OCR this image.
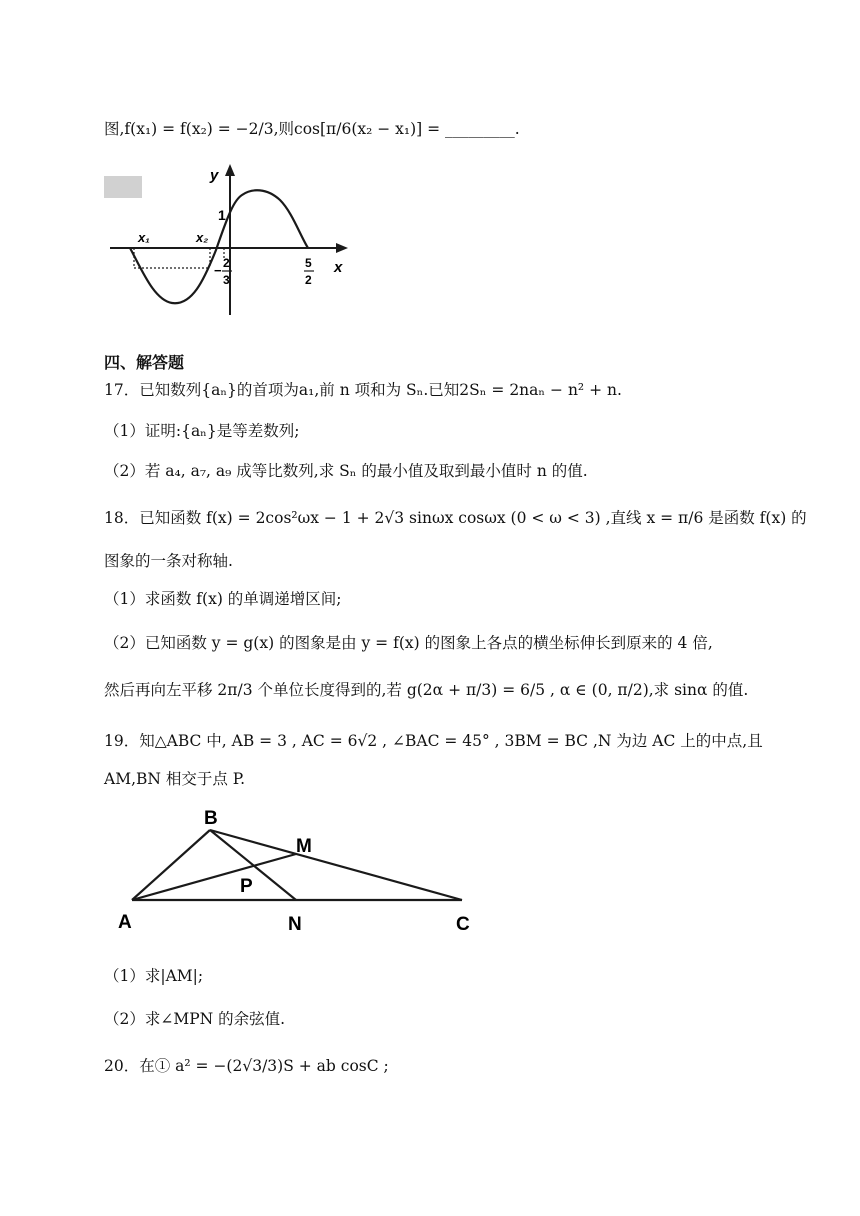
图,f(x₁) = f(x₂) = −2/3,则cos[π/6(x₂ − x₁)] = _________.
y
x
1
x₁	x₂
− 2
3
5
2
四、解答题
17．已知数列{aₙ}的首项为a₁,前 n 项和为 Sₙ.已知2Sₙ = 2naₙ − n² + n.
（1）证明:{aₙ}是等差数列;
（2）若 a₄, a₇, a₉ 成等比数列,求 Sₙ 的最小值及取到最小值时 n 的值.
18．已知函数 f(x) = 2cos²ωx − 1 + 2√3 sinωx cosωx (0 < ω < 3) ,直线 x = π/6 是函数 f(x) 的
图象的一条对称轴.
（1）求函数 f(x) 的单调递增区间;
（2）已知函数 y = g(x) 的图象是由 y = f(x) 的图象上各点的横坐标伸长到原来的 4 倍,
然后再向左平移 2π/3 个单位长度得到的,若 g(2α + π/3) = 6/5 , α ∈ (0, π/2),求 sinα 的值.
19．知△ABC 中, AB = 3 , AC = 6√2 , ∠BAC = 45° , 3BM = BC ,N 为边 AC 上的中点,且
AM,BN 相交于点 P.
B
M
P
A	N	C
（1）求|AM|;
（2）求∠MPN 的余弦值.
20．在① a² = −(2√3/3)S + ab cosC ;
